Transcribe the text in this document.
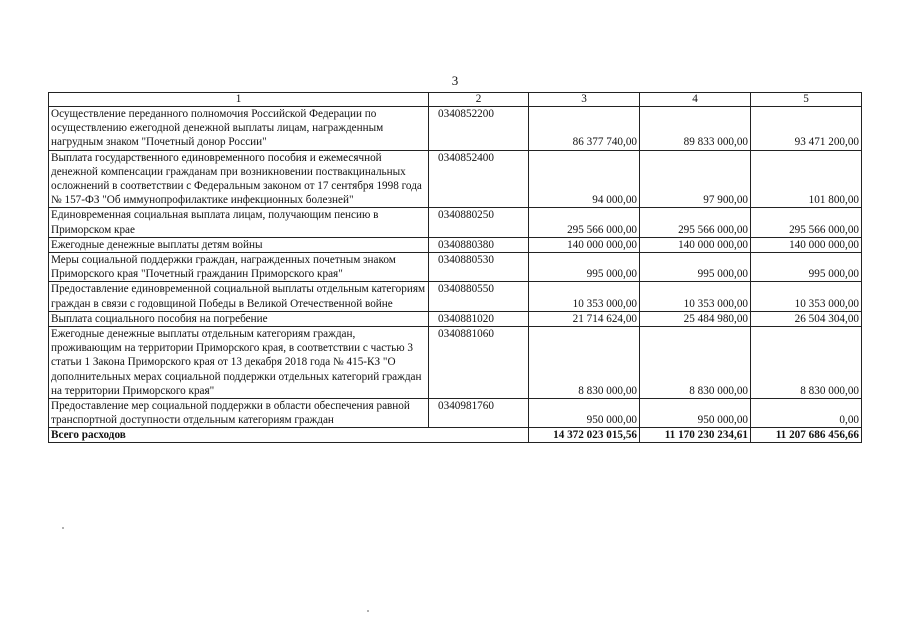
3
1	2	3	4	5
Осуществление переданного полномочия Российской Федерации по осуществлению ежегодной денежной выплаты лицам, награжденным нагрудным знаком "Почетный донор России"	0340852200	86 377 740,00	89 833 000,00	93 471 200,00
Выплата государственного единовременного пособия и ежемесячной денежной компенсации гражданам при возникновении поствакцинальных осложнений в соответствии с Федеральным законом от 17 сентября 1998 года № 157-ФЗ "Об иммунопрофилактике инфекционных болезней"	0340852400	94 000,00	97 900,00	101 800,00
Единовременная социальная выплата лицам, получающим пенсию в Приморском крае	0340880250	295 566 000,00	295 566 000,00	295 566 000,00
Ежегодные денежные выплаты детям войны	0340880380	140 000 000,00	140 000 000,00	140 000 000,00
Меры социальной поддержки граждан, награжденных почетным знаком Приморского края "Почетный гражданин Приморского края"	0340880530	995 000,00	995 000,00	995 000,00
Предоставление единовременной социальной выплаты отдельным категориям граждан в связи с годовщиной Победы в Великой Отечественной войне	0340880550	10 353 000,00	10 353 000,00	10 353 000,00
Выплата социального пособия на погребение	0340881020	21 714 624,00	25 484 980,00	26 504 304,00
Ежегодные денежные выплаты отдельным категориям граждан, проживающим на территории Приморского края, в соответствии с частью 3 статьи 1 Закона Приморского края от 13 декабря 2018 года № 415-КЗ "О дополнительных мерах социальной поддержки отдельных категорий граждан на территории Приморского края"	0340881060	8 830 000,00	8 830 000,00	8 830 000,00
Предоставление мер социальной поддержки в области обеспечения равной транспортной доступности отдельным категориям граждан	0340981760	950 000,00	950 000,00	0,00
Всего расходов		14 372 023 015,56	11 170 230 234,61	11 207 686 456,66
